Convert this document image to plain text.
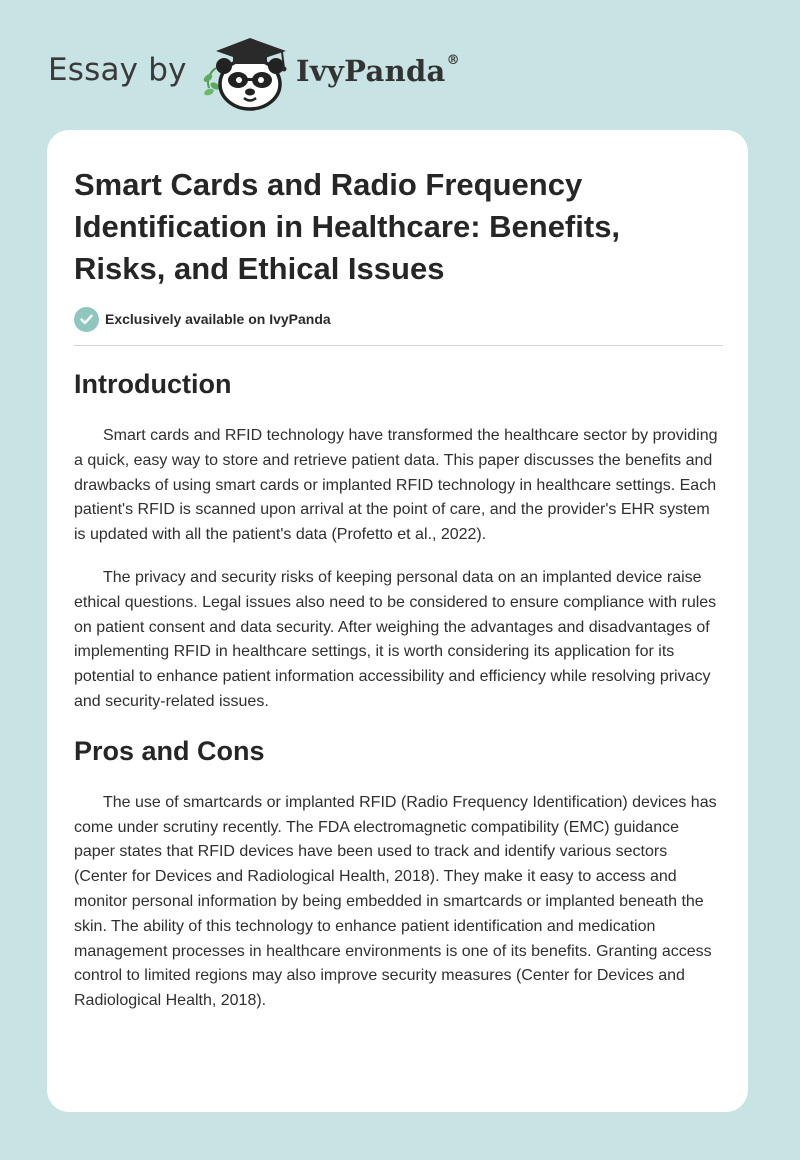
Essay by	IvyPanda®
Smart Cards and Radio Frequency Identification in Healthcare: Benefits, Risks, and Ethical Issues
Exclusively available on IvyPanda
Introduction

Smart cards and RFID technology have transformed the healthcare sector by providing a quick, easy way to store and retrieve patient data. This paper discusses the benefits and drawbacks of using smart cards or implanted RFID technology in healthcare settings. Each patient's RFID is scanned upon arrival at the point of care, and the provider's EHR system is updated with all the patient's data (Profetto et al., 2022).

The privacy and security risks of keeping personal data on an implanted device raise ethical questions. Legal issues also need to be considered to ensure compliance with rules on patient consent and data security. After weighing the advantages and disadvantages of implementing RFID in healthcare settings, it is worth considering its application for its potential to enhance patient information accessibility and efficiency while resolving privacy and security-related issues.

Pros and Cons

The use of smartcards or implanted RFID (Radio Frequency Identification) devices has come under scrutiny recently. The FDA electromagnetic compatibility (EMC) guidance paper states that RFID devices have been used to track and identify various sectors (Center for Devices and Radiological Health, 2018). They make it easy to access and monitor personal information by being embedded in smartcards or implanted beneath the skin. The ability of this technology to enhance patient identification and medication management processes in healthcare environments is one of its benefits. Granting access control to limited regions may also improve security measures (Center for Devices and Radiological Health, 2018).
